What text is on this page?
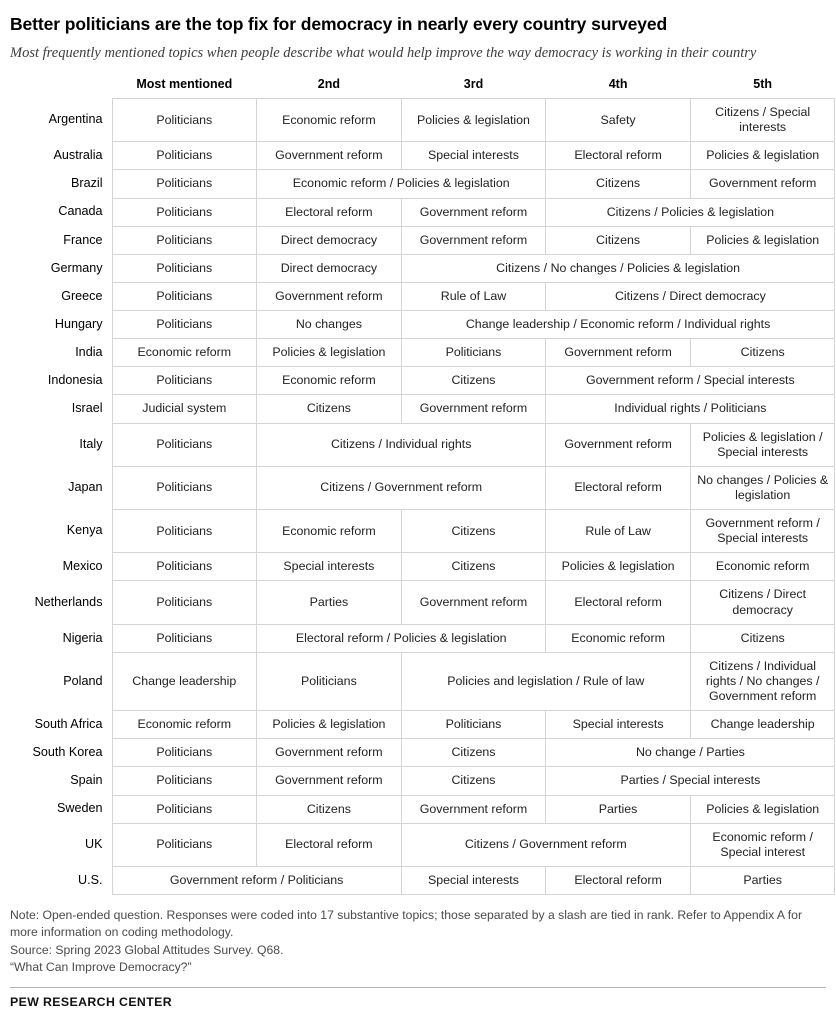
Better politicians are the top fix for democracy in nearly every country surveyed
Most frequently mentioned topics when people describe what would help improve the way democracy is working in their country
	Most mentioned	2nd	3rd	4th	5th
Argentina	Politicians	Economic reform	Policies & legislation	Safety	Citizens / Special interests
Australia	Politicians	Government reform	Special interests	Electoral reform	Policies & legislation
Brazil	Politicians	Economic reform / Policies & legislation		Citizens	Government reform
Canada	Politicians	Electoral reform	Government reform	Citizens / Policies & legislation	
France	Politicians	Direct democracy	Government reform	Citizens	Policies & legislation
Germany	Politicians	Direct democracy	Citizens / No changes / Policies & legislation		
Greece	Politicians	Government reform	Rule of Law	Citizens / Direct democracy	
Hungary	Politicians	No changes	Change leadership / Economic reform / Individual rights		
India	Economic reform	Policies & legislation	Politicians	Government reform	Citizens
Indonesia	Politicians	Economic reform	Citizens	Government reform / Special interests	
Israel	Judicial system	Citizens	Government reform	Individual rights / Politicians	
Italy	Politicians	Citizens / Individual rights		Government reform	Policies & legislation / Special interests
Japan	Politicians	Citizens / Government reform		Electoral reform	No changes / Policies & legislation
Kenya	Politicians	Economic reform	Citizens	Rule of Law	Government reform / Special interests
Mexico	Politicians	Special interests	Citizens	Policies & legislation	Economic reform
Netherlands	Politicians	Parties	Government reform	Electoral reform	Citizens / Direct democracy
Nigeria	Politicians	Electoral reform / Policies & legislation		Economic reform	Citizens
Poland	Change leadership	Politicians	Policies and legislation / Rule of law		Citizens / Individual rights / No changes / Government reform
South Africa	Economic reform	Policies & legislation	Politicians	Special interests	Change leadership
South Korea	Politicians	Government reform	Citizens	No change / Parties	
Spain	Politicians	Government reform	Citizens	Parties / Special interests	
Sweden	Politicians	Citizens	Government reform	Parties	Policies & legislation
UK	Politicians	Electoral reform	Citizens / Government reform		Economic reform / Special interest
U.S.	Government reform / Politicians		Special interests	Electoral reform	Parties
Note: Open-ended question. Responses were coded into 17 substantive topics; those separated by a slash are tied in rank. Refer to Appendix A for more information on coding methodology.
Source: Spring 2023 Global Attitudes Survey. Q68.
“What Can Improve Democracy?”
PEW RESEARCH CENTER
